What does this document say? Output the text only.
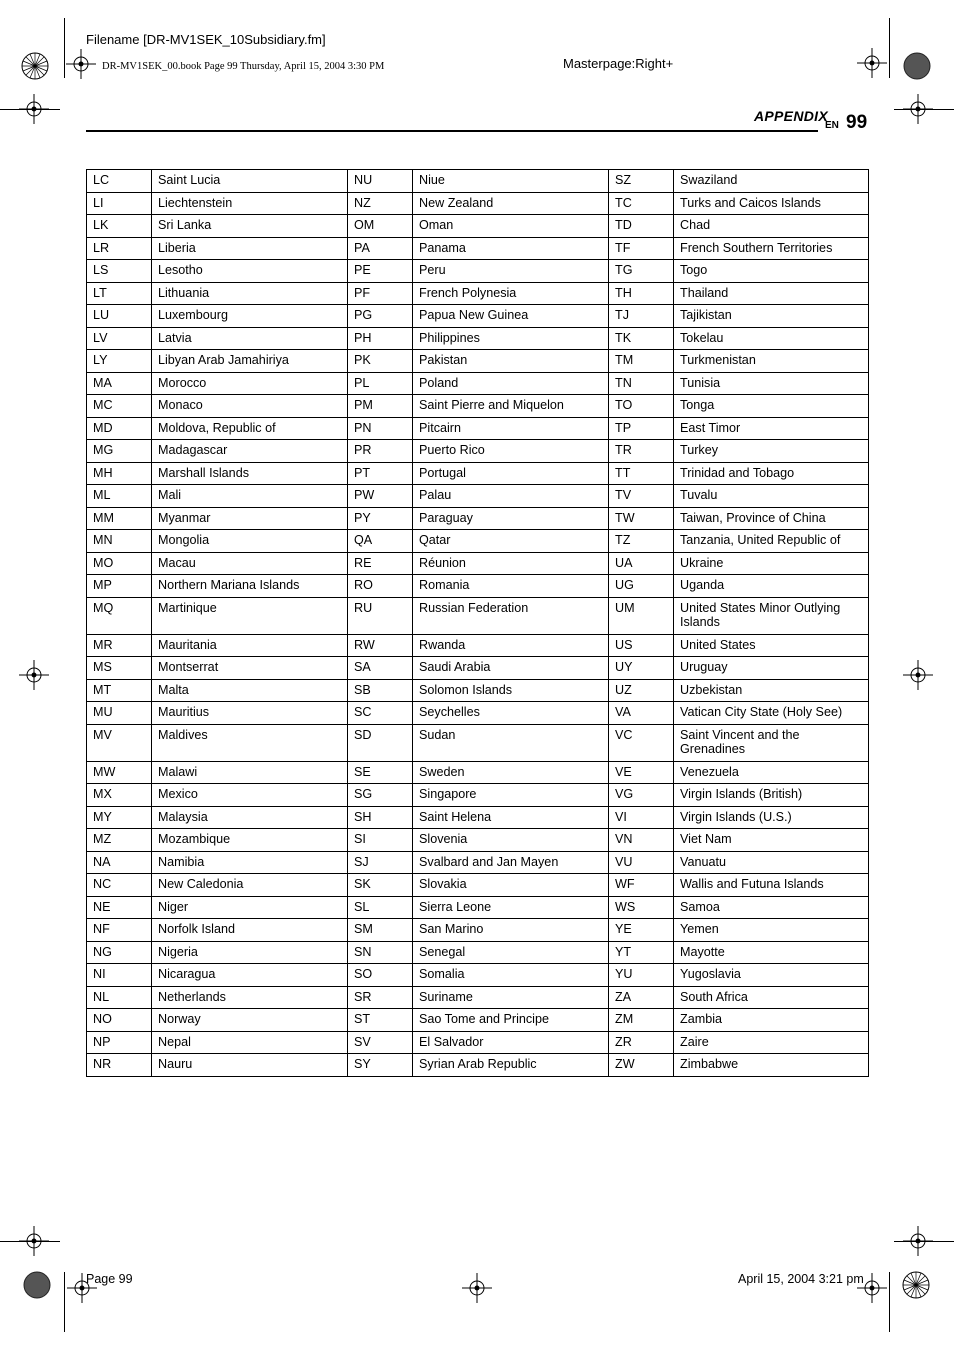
Filename [DR-MV1SEK_10Subsidiary.fm]
DR-MV1SEK_00.book Page 99 Thursday, April 15, 2004 3:30 PM	Masterpage:Right+
APPENDIX
EN 99
LC	Saint Lucia	NU	Niue	SZ	Swaziland
LI	Liechtenstein	NZ	New Zealand	TC	Turks and Caicos Islands
LK	Sri Lanka	OM	Oman	TD	Chad
LR	Liberia	PA	Panama	TF	French Southern Territories
LS	Lesotho	PE	Peru	TG	Togo
LT	Lithuania	PF	French Polynesia	TH	Thailand
LU	Luxembourg	PG	Papua New Guinea	TJ	Tajikistan
LV	Latvia	PH	Philippines	TK	Tokelau
LY	Libyan Arab Jamahiriya	PK	Pakistan	TM	Turkmenistan
MA	Morocco	PL	Poland	TN	Tunisia
MC	Monaco	PM	Saint Pierre and Miquelon	TO	Tonga
MD	Moldova, Republic of	PN	Pitcairn	TP	East Timor
MG	Madagascar	PR	Puerto Rico	TR	Turkey
MH	Marshall Islands	PT	Portugal	TT	Trinidad and Tobago
ML	Mali	PW	Palau	TV	Tuvalu
MM	Myanmar	PY	Paraguay	TW	Taiwan, Province of China
MN	Mongolia	QA	Qatar	TZ	Tanzania, United Republic of
MO	Macau	RE	Réunion	UA	Ukraine
MP	Northern Mariana Islands	RO	Romania	UG	Uganda
MQ	Martinique	RU	Russian Federation	UM	United States Minor Outlying Islands
MR	Mauritania	RW	Rwanda	US	United States
MS	Montserrat	SA	Saudi Arabia	UY	Uruguay
MT	Malta	SB	Solomon Islands	UZ	Uzbekistan
MU	Mauritius	SC	Seychelles	VA	Vatican City State (Holy See)
MV	Maldives	SD	Sudan	VC	Saint Vincent and the Grenadines
MW	Malawi	SE	Sweden	VE	Venezuela
MX	Mexico	SG	Singapore	VG	Virgin Islands (British)
MY	Malaysia	SH	Saint Helena	VI	Virgin Islands (U.S.)
MZ	Mozambique	SI	Slovenia	VN	Viet Nam
NA	Namibia	SJ	Svalbard and Jan Mayen	VU	Vanuatu
NC	New Caledonia	SK	Slovakia	WF	Wallis and Futuna Islands
NE	Niger	SL	Sierra Leone	WS	Samoa
NF	Norfolk Island	SM	San Marino	YE	Yemen
NG	Nigeria	SN	Senegal	YT	Mayotte
NI	Nicaragua	SO	Somalia	YU	Yugoslavia
NL	Netherlands	SR	Suriname	ZA	South Africa
NO	Norway	ST	Sao Tome and Principe	ZM	Zambia
NP	Nepal	SV	El Salvador	ZR	Zaire
NR	Nauru	SY	Syrian Arab Republic	ZW	Zimbabwe
Page 99	April 15, 2004 3:21 pm
